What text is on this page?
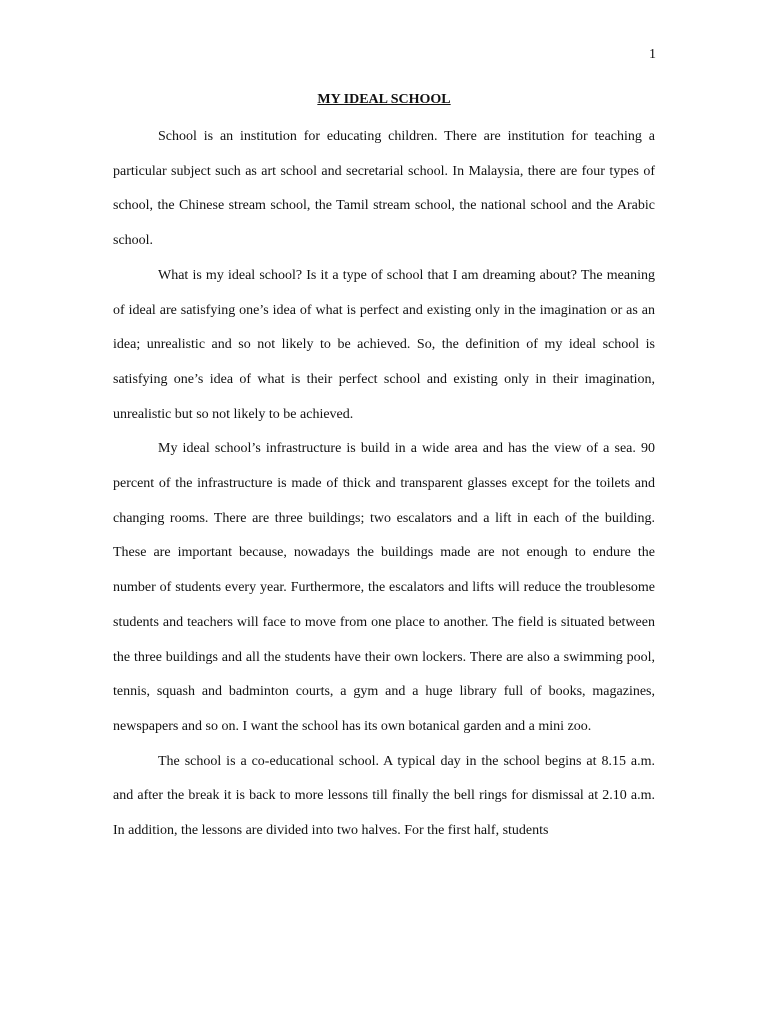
1
MY IDEAL SCHOOL

School is an institution for educating children. There are institution for teaching a particular subject such as art school and secretarial school. In Malaysia, there are four types of school, the Chinese stream school, the Tamil stream school, the national school and the Arabic school.

What is my ideal school? Is it a type of school that I am dreaming about? The meaning of ideal are satisfying one’s idea of what is perfect and existing only in the imagination or as an idea; unrealistic and so not likely to be achieved. So, the definition of my ideal school is satisfying one’s idea of what is their perfect school and existing only in their imagination, unrealistic but so not likely to be achieved.

My ideal school’s infrastructure is build in a wide area and has the view of a sea. 90 percent of the infrastructure is made of thick and transparent glasses except for the toilets and changing rooms. There are three buildings; two escalators and a lift in each of the building. These are important because, nowadays the buildings made are not enough to endure the number of students every year. Furthermore, the escalators and lifts will reduce the troublesome students and teachers will face to move from one place to another. The field is situated between the three buildings and all the students have their own lockers. There are also a swimming pool, tennis, squash and badminton courts, a gym and a huge library full of books, magazines, newspapers and so on. I want the school has its own botanical garden and a mini zoo.

The school is a co-educational school. A typical day in the school begins at 8.15 a.m. and after the break it is back to more lessons till finally the bell rings for dismissal at 2.10 a.m. In addition, the lessons are divided into two halves. For the first half, students
